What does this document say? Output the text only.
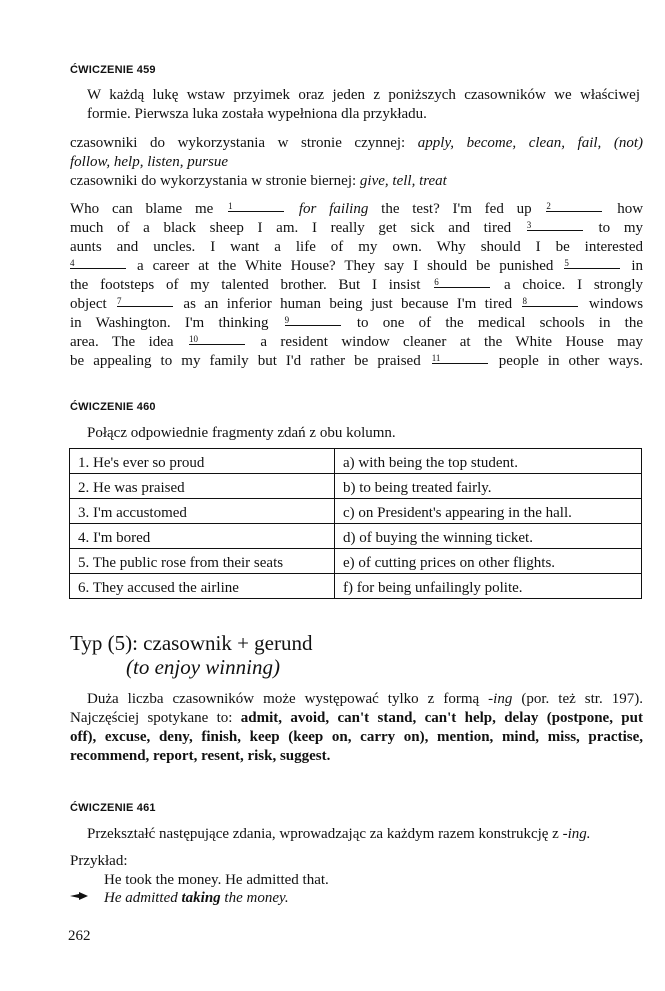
ĆWICZENIE 459
W każdą lukę wstaw przyimek oraz jeden z poniższych czasowników we właściwej
formie. Pierwsza luka została wypełniona dla przykładu.
czasowniki do wykorzystania w stronie czynnej: apply, become, clean, fail, (not)
follow, help, listen, pursue
czasowniki do wykorzystania w stronie biernej: give, tell, treat
Who can blame me 1	for failing the test? I'm fed up 2	how
much of a black sheep I am. I really get sick and tired 3	to my
aunts and uncles. I want a life of my own. Why should I be interested
4	a career at the White House? They say I should be punished 5	in
the footsteps of my talented brother. But I insist 6	a choice. I strongly
object 7	as an inferior human being just because I'm tired 8	windows
in Washington. I'm thinking 9	to one of the medical schools in the
area. The idea 10	a resident window cleaner at the White House may
be appealing to my family but I'd rather be praised 11	people in other ways.
ĆWICZENIE 460
Połącz odpowiednie fragmenty zdań z obu kolumn.
1. He's ever so proud	a) with being the top student.
2. He was praised	b) to being treated fairly.
3. I'm accustomed	c) on President's appearing in the hall.
4. I'm bored	d) of buying the winning ticket.
5. The public rose from their seats	e) of cutting prices on other flights.
6. They accused the airline	f) for being unfailingly polite.
Typ (5): czasownik + gerund
(to enjoy winning)
Duża liczba czasowników może występować tylko z formą -ing (por. też str. 197).
Najczęściej spotykane to: admit, avoid, can't stand, can't help, delay (postpone, put
off), excuse, deny, finish, keep (keep on, carry on), mention, mind, miss, practise,
recommend, report, resent, risk, suggest.
ĆWICZENIE 461
Przekształć następujące zdania, wprowadzając za każdym razem konstrukcję z -ing.
Przykład:
He took the money. He admitted that.
He admitted taking the money.
262
